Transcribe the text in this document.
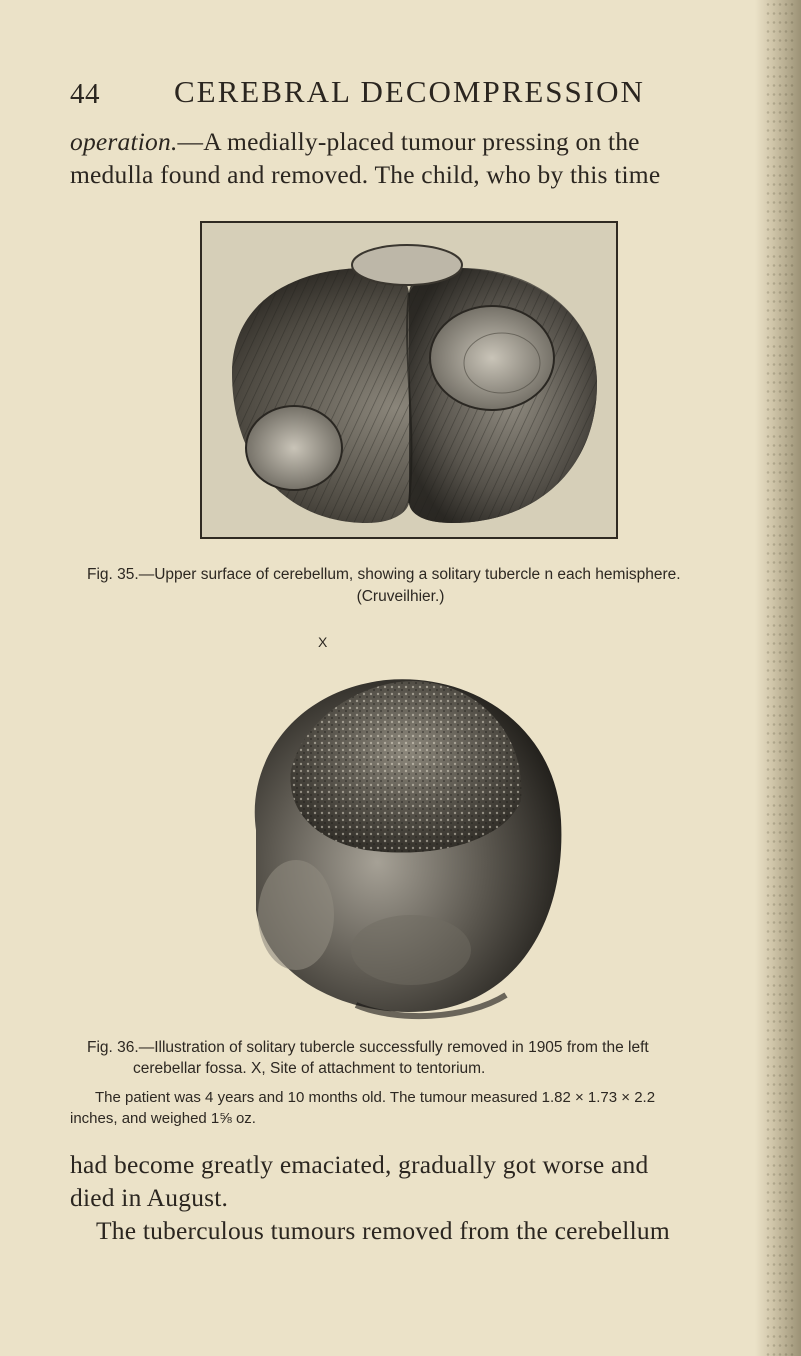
44 CEREBRAL DECOMPRESSION
operation.—A medially-placed tumour pressing on the
medulla found and removed. The child, who by this time
Fig. 35.—Upper surface of cerebellum, showing a solitary tubercle n each hemisphere.
(Cruveilhier.)
X
Fig. 36.—Illustration of solitary tubercle successfully removed in 1905 from the left
cerebellar fossa. X, Site of attachment to tentorium.
The patient was 4 years and 10 months old. The tumour measured 1.82 × 1.73 × 2.2
inches, and weighed 1⅝ oz.
had become greatly emaciated, gradually got worse and
died in August.
The tuberculous tumours removed from the cerebellum
